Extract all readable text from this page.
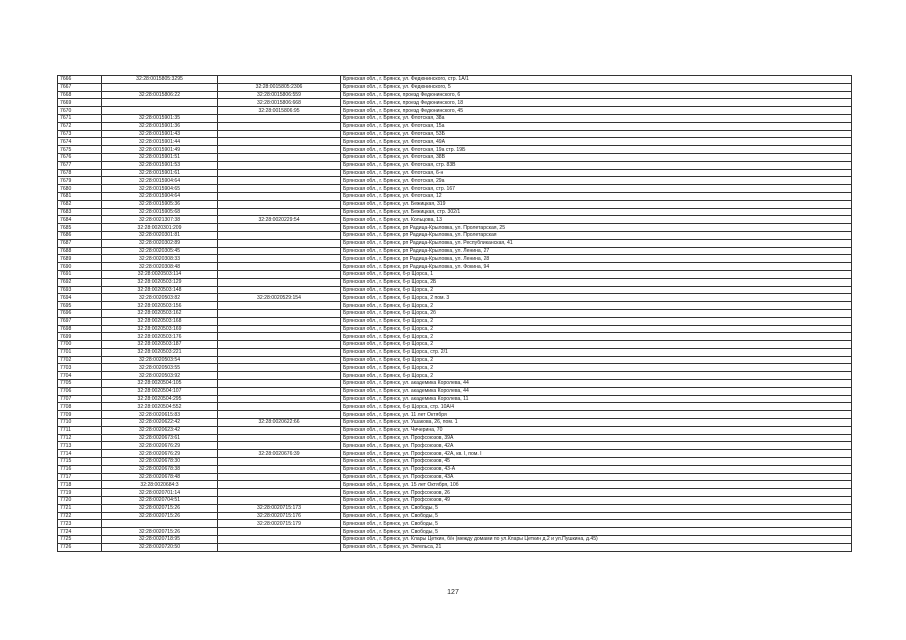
7666	32:28:0015805:3295		Брянская обл., г. Брянск, ул. Федюнинского, стр. 1А/1
7667		32:28:0015805:2306	Брянская обл., г. Брянск, ул. Федюнинского, 5
7668	32:28:0015806:22	32:28:0015806:559	Брянская обл., г. Брянск, проезд Федюнинского, 6
7669		32:28:0015806:668	Брянская обл., г. Брянск, проезд Федюнинского, 18
7670		32:28:0015806:95	Брянская обл., г. Брянск, проезд Федюнинского, 45
7671	32:28:0015901:35		Брянская обл., г. Брянск, ул. Флотская, 38а
7672	32:28:0015901:36		Брянская обл., г. Брянск, ул. Флотская, 15а
7673	32:28:0015901:43		Брянская обл., г. Брянск, ул. Флотская, 53Б
7674	32:28:0015901:44		Брянская обл., г. Брянск, ул. Флотская, 49А
7675	32:28:0015901:49		Брянская обл., г. Брянск, ул. Флотская, 19а стр. 19Б
7676	32:28:0015901:51		Брянская обл., г. Брянск, ул. Флотская, 38В
7677	32:28:0015901:53		Брянская обл., г. Брянск, ул. Флотская, стр. 83В
7678	32:28:0015901:61		Брянская обл., г. Брянск, ул. Флотская, 6-н
7679	32:28:0015904:64		Брянская обл., г. Брянск, ул. Флотская, 29а
7680	32:28:0015904:65		Брянская обл., г. Брянск, ул. Флотская, стр. 167
7681	32:28:0015904:64		Брянская обл., г. Брянск, ул. Флотская, 12
7682	32:28:0015905:36		Брянская обл., г. Брянск, ул. Бежицкая, 319
7683	32:28:0015905:68		Брянская обл., г. Брянск, ул. Бежицкая, стр. 302/1
7684	32:28:0021307:38	32:28:0020229:54	Брянская обл., г. Брянск, ул. Кольцова, 13
7685	32:28:0020301:209		Брянская обл., г. Брянск, рп Радица-Крыловка, ул. Пролетарская, 25
7686	32:28:0020301:81		Брянская обл., г. Брянск, рп Радица-Крыловка, ул. Пролетарская
7687	32:28:0020302:89		Брянская обл., г. Брянск, рп Радица-Крыловка, ул. Республиканская, 41
7688	32:28:0020305:45		Брянская обл., г. Брянск, рп Радица-Крыловка, ул. Ленина, 27
7689	32:28:0020308:33		Брянская обл., г. Брянск, рп Радица-Крыловка, ул. Ленина, 28
7690	32:28:0020308:48		Брянская обл., г. Брянск, рп Радица-Крыловка, ул. Фокина, 94
7691	32:28:0020503:114		Брянская обл., г. Брянск, б-р Щорса, 1
7692	32:28:0020503:129		Брянская обл., г. Брянск, б-р Щорса, 2Б
7693	32:28:0020503:148		Брянская обл., г. Брянск, б-р Щорса, 2
7694	32:28:0020503:82	32:28:0020529:154	Брянская обл., г. Брянск, б-р Щорса, 2 пом. 3
7695	32:28:0020503:156		Брянская обл., г. Брянск, б-р Щорса, 2
7696	32:28:0020503:162		Брянская обл., г. Брянск, б-р Щорса, 2б
7697	32:28:0020503:168		Брянская обл., г. Брянск, б-р Щорса, 2
7698	32:28:0020503:169		Брянская обл., г. Брянск, б-р Щорса, 2
7699	32:28:0020503:176		Брянская обл., г. Брянск, б-р Щорса, 2
7700	32:28:0020503:187		Брянская обл., г. Брянск, б-р Щорса, 2
7701	32:28:0020503:221		Брянская обл., г. Брянск, б-р Щорса, стр. 2/1
7702	32:28:0020503:54		Брянская обл., г. Брянск, б-р Щорса, 2
7703	32:28:0020503:55		Брянская обл., г. Брянск, б-р Щорса, 2
7704	32:28:0020503:92		Брянская обл., г. Брянск, б-р Щорса, 2
7705	32:28:0020504:105		Брянская обл., г. Брянск, ул. академика Королева, 44
7706	32:28:0020504:107		Брянская обл., г. Брянск, ул. академика Королева, 44
7707	32:28:0020504:295		Брянская обл., г. Брянск, ул. академика Королева, 11
7708	32:28:0020504:552		Брянская обл., г. Брянск, б-р Щорса, стр. 10А/4
7709	32:28:0020615:83		Брянская обл., г. Брянск, ул. 11 лет Октября
7710	32:28:0020622:42	32:28:0020622:66	Брянская обл., г. Брянск, ул. Ушакова, 26, пом. 1
7711	32:28:0020623:42		Брянская обл., г. Брянск, ул. Чичерина, 70
7712	32:28:0020673:61		Брянская обл., г. Брянск, ул. Профсоюзов, 39А
7713	32:28:0020676:29		Брянская обл., г. Брянск, ул. Профсоюзов, 42А
7714	32:28:0020676:29	32:28:0020676:39	Брянская обл., г. Брянск, ул. Профсоюзов, 42А, кв. I, пом. I
7715	32:28:0020678:30		Брянская обл., г. Брянск, ул. Профсоюзов, 45
7716	32:28:0020678:38		Брянская обл., г. Брянск, ул. Профсоюзов, 43-А
7717	32:28:0020678:48		Брянская обл., г. Брянск, ул. Профсоюзов, 43А
7718	32:28:0020684:3		Брянская обл., г. Брянск, ул. 15 лет Октября, 10б
7719	32:28:0020701:14		Брянская обл., г. Брянск, ул. Профсоюзов, 26
7720	32:28:0020704:51		Брянская обл., г. Брянск, ул. Профсоюзов, 49
7721	32:28:0020715:26	32:28:0020715:173	Брянская обл., г. Брянск, ул. Свободы, 5
7722	32:28:0020715:26	32:28:0020715:176	Брянская обл., г. Брянск, ул. Свободы, 5
7723		32:28:0020715:179	Брянская обл., г. Брянск, ул. Свободы, 5
7724	32:28:0020715:26		Брянская обл., г. Брянск, ул. Свободы, 5
7725	32:28:0020718:95		Брянская обл., г. Брянск, ул. Клары Цеткин, б/н (между домами по ул.Клары Цеткин д.2 и ул.Пушкина, д.45)
7726	32:28:0020720:50		Брянская обл., г. Брянск, ул. Энгельса, 21
127
